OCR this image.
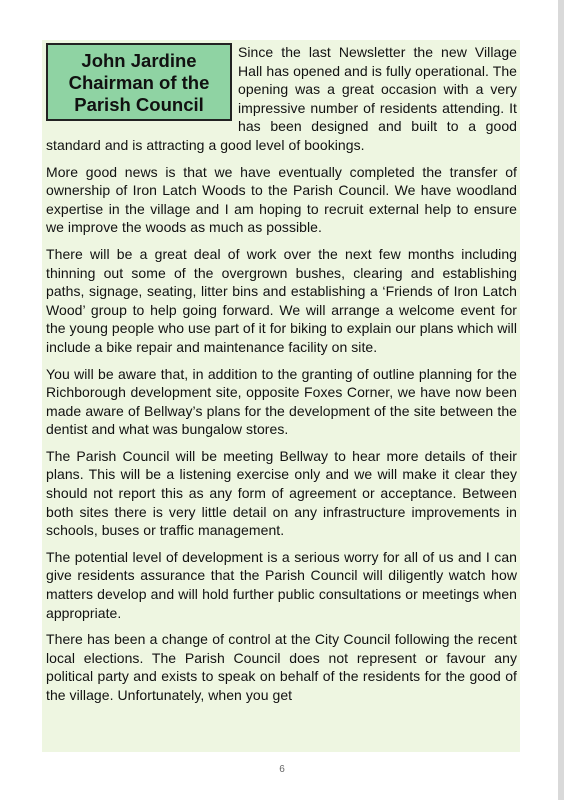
John Jardine
Chairman of the
Parish Council

Since the last Newsletter the new Village Hall has opened and is fully operational. The opening was a great occasion with a very impressive number of residents attending. It has been designed and built to a good standard and is attracting a good level of bookings.

More good news is that we have eventually completed the transfer of ownership of Iron Latch Woods to the Parish Council. We have woodland expertise in the village and I am hoping to recruit external help to ensure we improve the woods as much as possible.

There will be a great deal of work over the next few months including thinning out some of the overgrown bushes, clearing and establishing paths, signage, seating, litter bins and establishing a ‘Friends of Iron Latch Wood’ group to help going forward. We will arrange a welcome event for the young people who use part of it for biking to explain our plans which will include a bike repair and maintenance facility on site.

You will be aware that, in addition to the granting of outline planning for the Richborough development site, opposite Foxes Corner, we have now been made aware of Bellway’s plans for the development of the site between the dentist and what was bungalow stores.

The Parish Council will be meeting Bellway to hear more details of their plans. This will be a listening exercise only and we will make it clear they should not report this as any form of agreement or acceptance. Between both sites there is very little detail on any infrastructure improvements in schools, buses or traffic management.

The potential level of development is a serious worry for all of us and I can give residents assurance that the Parish Council will diligently watch how matters develop and will hold further public consultations or meetings when appropriate.

There has been a change of control at the City Council following the recent local elections. The Parish Council does not represent or favour any political party and exists to speak on behalf of the residents for the good of the village. Unfortunately, when you get

6
